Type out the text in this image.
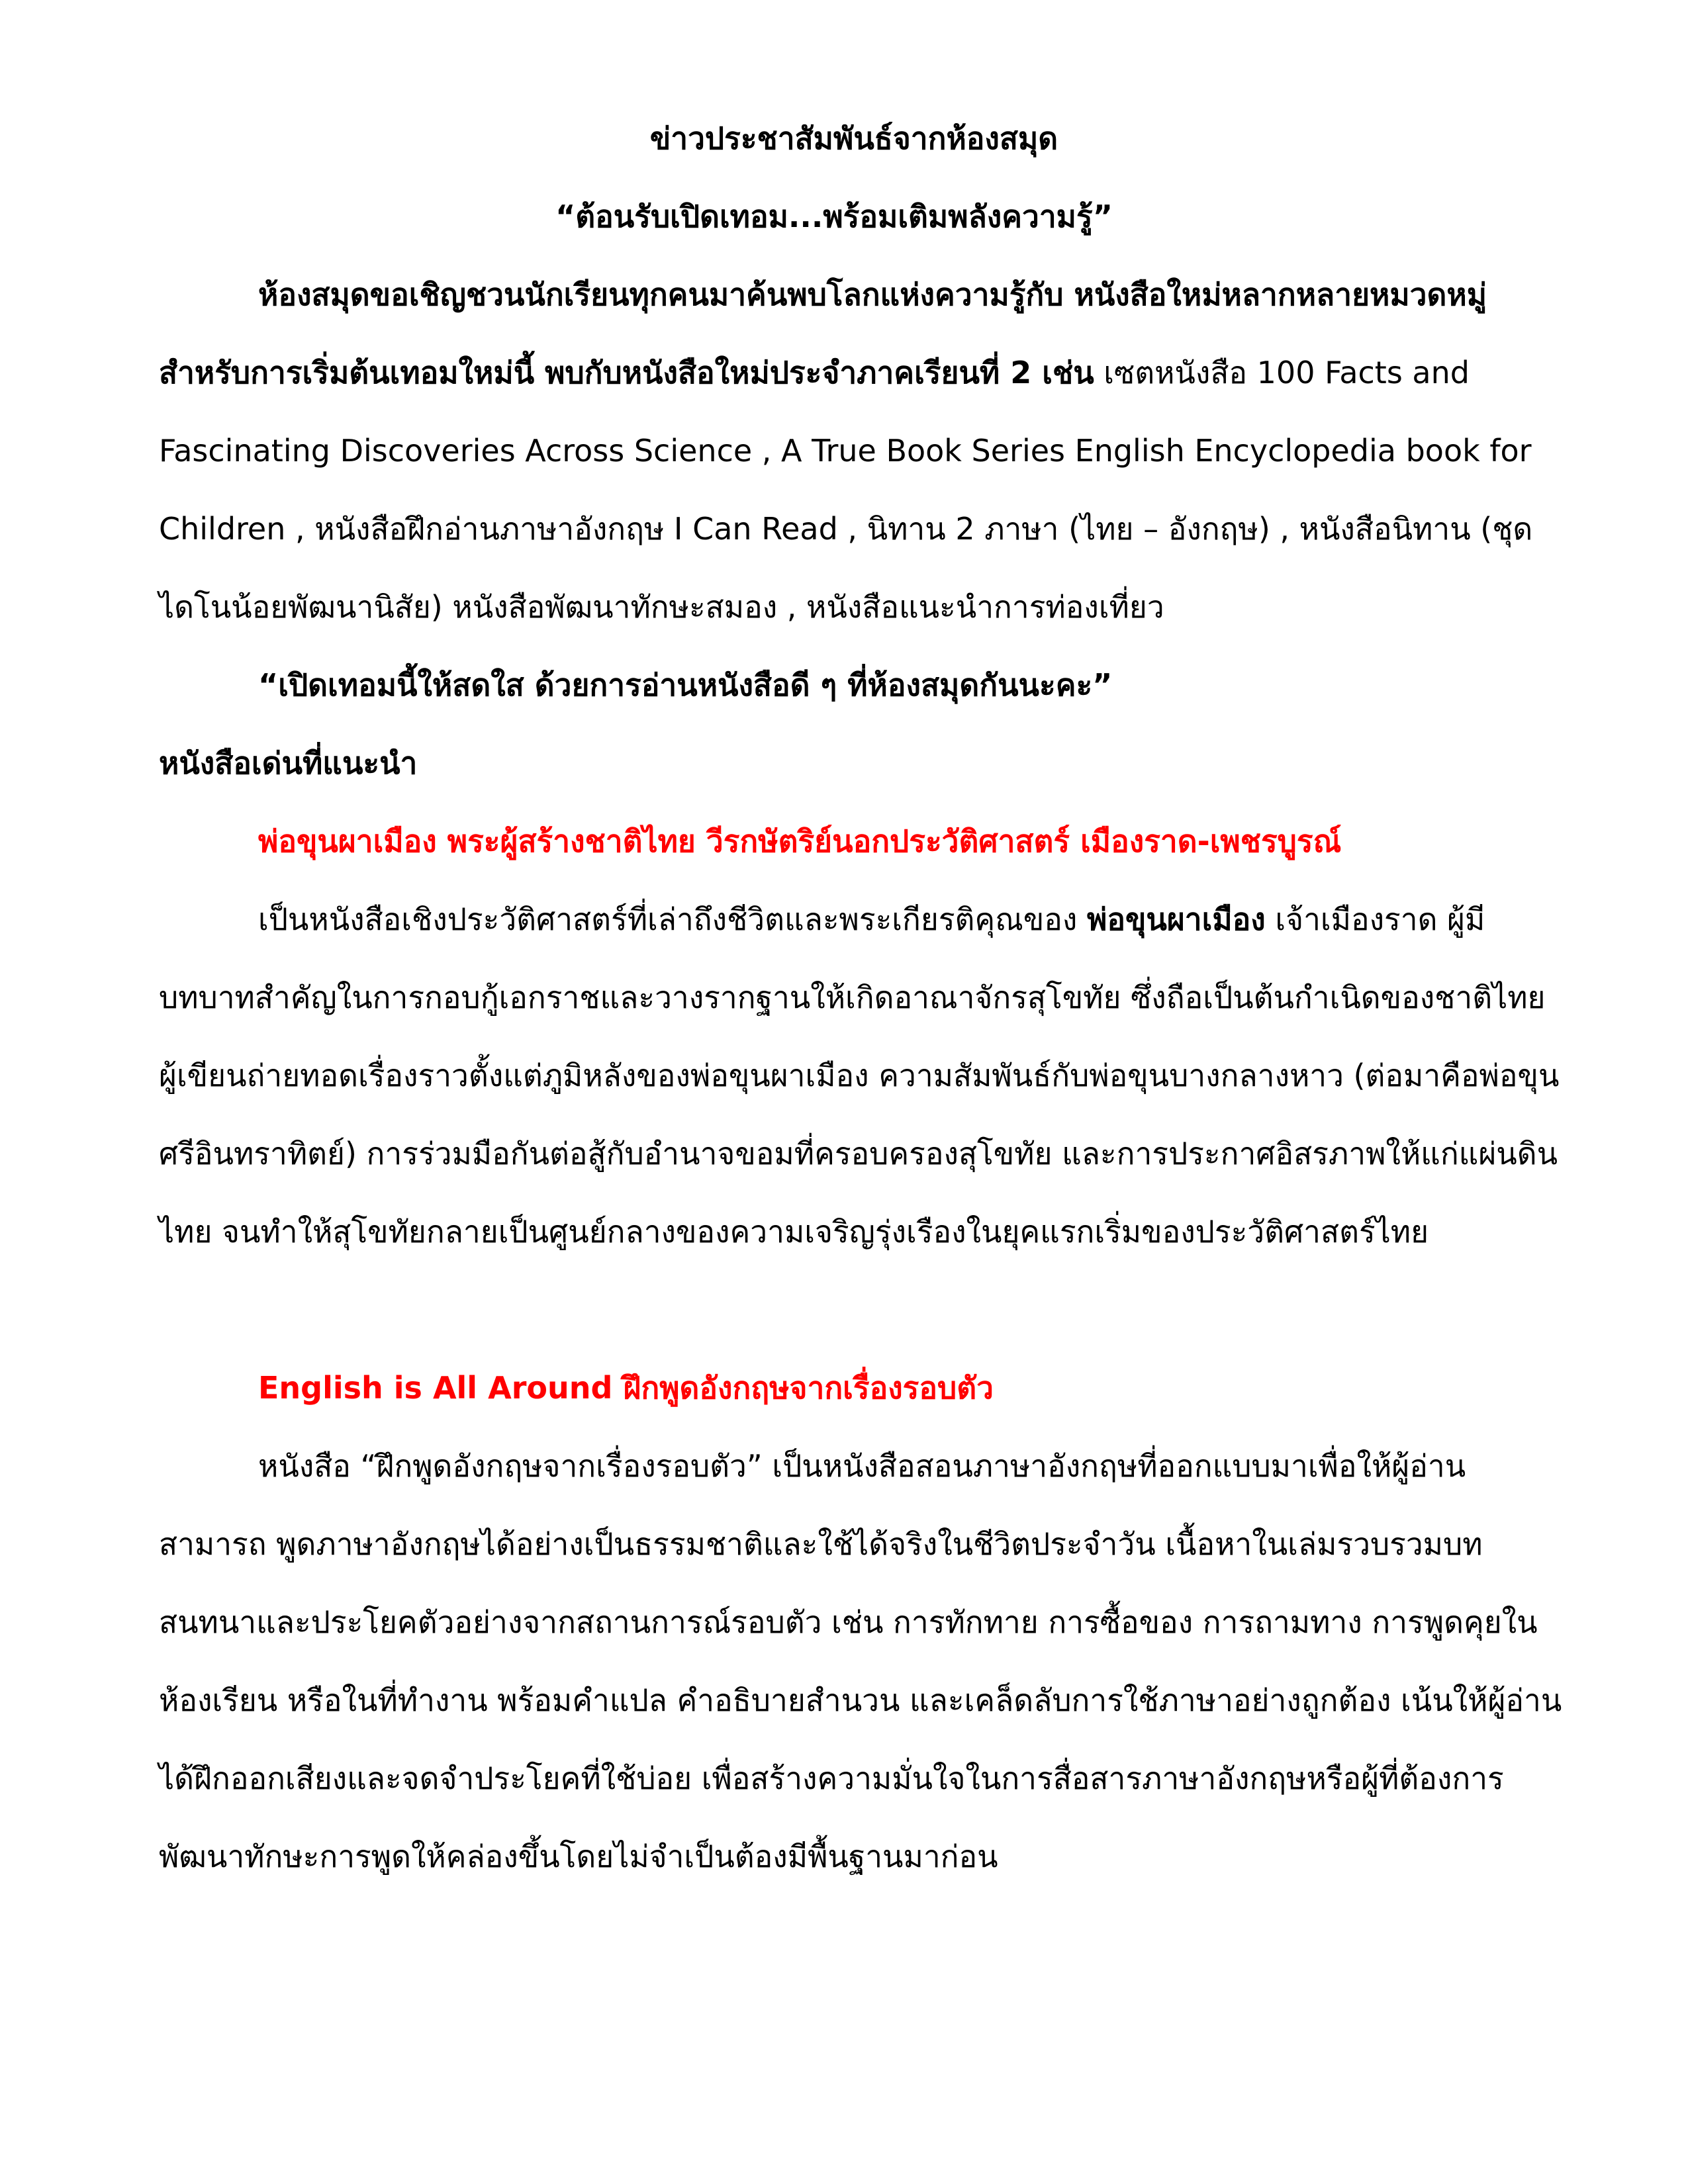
ข่าวประชาสัมพันธ์จากห้องสมุด

“ต้อนรับเปิดเทอม...พร้อมเติมพลังความรู้”

ห้องสมุดขอเชิญชวนนักเรียนทุกคนมาค้นพบโลกแห่งความรู้กับ หนังสือใหม่หลากหลายหมวดหมู่ สำหรับการเริ่มต้นเทอมใหม่นี้ พบกับหนังสือใหม่ประจำภาคเรียนที่ 2 เช่น เซตหนังสือ 100 Facts and Fascinating Discoveries Across Science , A True Book Series English Encyclopedia book for Children , หนังสือฝึกอ่านภาษาอังกฤษ I Can Read , นิทาน 2 ภาษา (ไทย – อังกฤษ) , หนังสือนิทาน (ชุดไดโนน้อยพัฒนานิสัย) หนังสือพัฒนาทักษะสมอง , หนังสือแนะนำการท่องเที่ยว

“เปิดเทอมนี้ให้สดใส ด้วยการอ่านหนังสือดี ๆ ที่ห้องสมุดกันนะคะ”

หนังสือเด่นที่แนะนำ

พ่อขุนผาเมือง พระผู้สร้างชาติไทย วีรกษัตริย์นอกประวัติศาสตร์ เมืองราด-เพชรบูรณ์

เป็นหนังสือเชิงประวัติศาสตร์ที่เล่าถึงชีวิตและพระเกียรติคุณของ พ่อขุนผาเมือง เจ้าเมืองราด ผู้มีบทบาทสำคัญในการกอบกู้เอกราชและวางรากฐานให้เกิดอาณาจักรสุโขทัย ซึ่งถือเป็นต้นกำเนิดของชาติไทย ผู้เขียนถ่ายทอดเรื่องราวตั้งแต่ภูมิหลังของพ่อขุนผาเมือง ความสัมพันธ์กับพ่อขุนบางกลางหาว (ต่อมาคือพ่อขุนศรีอินทราทิตย์) การร่วมมือกันต่อสู้กับอำนาจขอมที่ครอบครองสุโขทัย และการประกาศอิสรภาพให้แก่แผ่นดินไทย จนทำให้สุโขทัยกลายเป็นศูนย์กลางของความเจริญรุ่งเรืองในยุคแรกเริ่มของประวัติศาสตร์ไทย

English is All Around ฝึกพูดอังกฤษจากเรื่องรอบตัว

หนังสือ “ฝึกพูดอังกฤษจากเรื่องรอบตัว” เป็นหนังสือสอนภาษาอังกฤษที่ออกแบบมาเพื่อให้ผู้อ่านสามารถ พูดภาษาอังกฤษได้อย่างเป็นธรรมชาติและใช้ได้จริงในชีวิตประจำวัน เนื้อหาในเล่มรวบรวมบทสนทนาและประโยคตัวอย่างจากสถานการณ์รอบตัว เช่น การทักทาย การซื้อของ การถามทาง การพูดคุยในห้องเรียน หรือในที่ทำงาน พร้อมคำแปล คำอธิบายสำนวน และเคล็ดลับการใช้ภาษาอย่างถูกต้อง เน้นให้ผู้อ่านได้ฝึกออกเสียงและจดจำประโยคที่ใช้บ่อย เพื่อสร้างความมั่นใจในการสื่อสารภาษาอังกฤษหรือผู้ที่ต้องการพัฒนาทักษะการพูดให้คล่องขึ้นโดยไม่จำเป็นต้องมีพื้นฐานมาก่อน
